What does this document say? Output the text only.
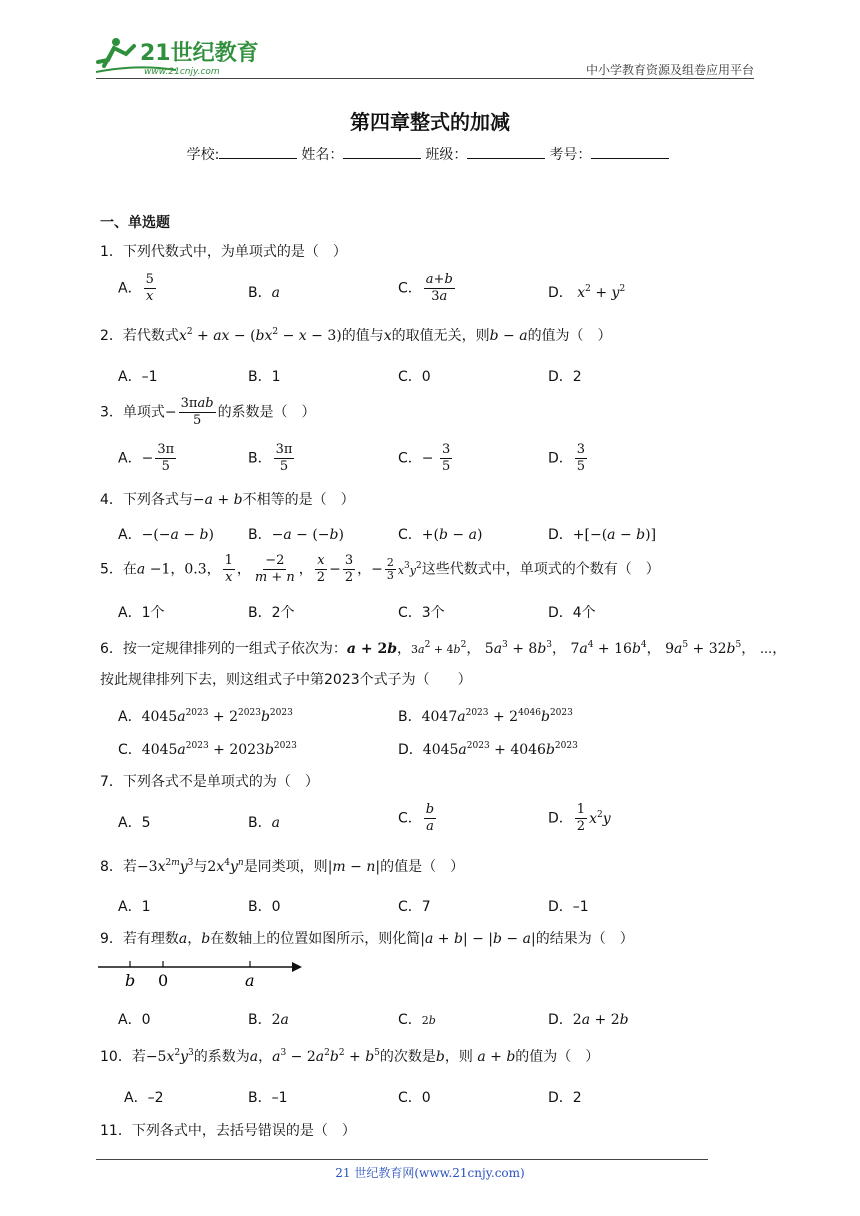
21世纪教育
www.21cnjy.com	中小学教育资源及组卷应用平台
第四章整式的加减
学校:	姓名：	班级：	考号：
一、单选题
1．下列代数式中，为单项式的是（　）
A． $\frac{5}{x}$	B．a	C． $\frac{a+b}{3a}$	D． $x^2 + y^2$
2．若代数式$x^2$ + ax − $(bx^2 - x - 3)$的值与x的取值无关，则b − a的值为（　）
A．–1	B．1	C．0	D．2
3．单项式− $\frac{\text{3πab}}{5}$ 的系数是（　）
A．− $\frac{3\pi}{5}$	B． $\frac{3\pi}{5}$	C．− $\frac{3}{5}$	D． $\frac{3}{5}$
4．下列各式与−a + b不相等的是（　）
A．−(−a − b) B．−a − (−b)	C．+(b − a)	D．+[−(a − b)]
5．在a −1，0.3， $\frac{1}{x}$ ， $\frac{-2}{m + n}$ ， $\frac{x}{2} - \frac{3}{2}$ ，− $\frac{2}{3} x^3y^2$这些代数式中，单项式的个数有（　）
A．1个	B．2个	C．3个	D．4个
6．按一定规律排列的一组式子依次为：a + 2b，$3a^2 + 4b^2$， $5a^3 + 8b^3$， $7a^4 + 16b^4$， $9a^5 + 32b^5$， ⋯，
按此规律排列下去，则这组式子中第2023个式子为（　　）
A．$4045a^{2023} + 2^{2023}b^{2023}$	B．$4047a^{2023} + 2^{4046}b^{2023}$
C．$4045a^{2023} + 2023b^{2023}$	D．$4045a^{2023} + 4046b^{2023}$
7．下列各式不是单项式的为（　）
A．5	B．a	C． $\frac{b}{a}$	D． $\frac{1}{2} x^2y$
8．若$-3x^{2m}y^3$与$2x^4y^n$是同类项，则|m − n|的值是（　）
A．1	B．0	C．7	D．–1
9．若有理数a，b在数轴上的位置如图所示，则化简|a + b| − |b − a|的结果为（　）
b 0	a
A．0	B．2a	C．2b	D．2a + 2b
10．若$-5x^2y^3$的系数为a，$a^3 - 2a^2b^2 + b^5$的次数是b，则 a + b的值为（　）
A．–2	B．–1	C．0	D．2
11．下列各式中，去括号错误的是（　）
21 世纪教育网(www.21cnjy.com)
